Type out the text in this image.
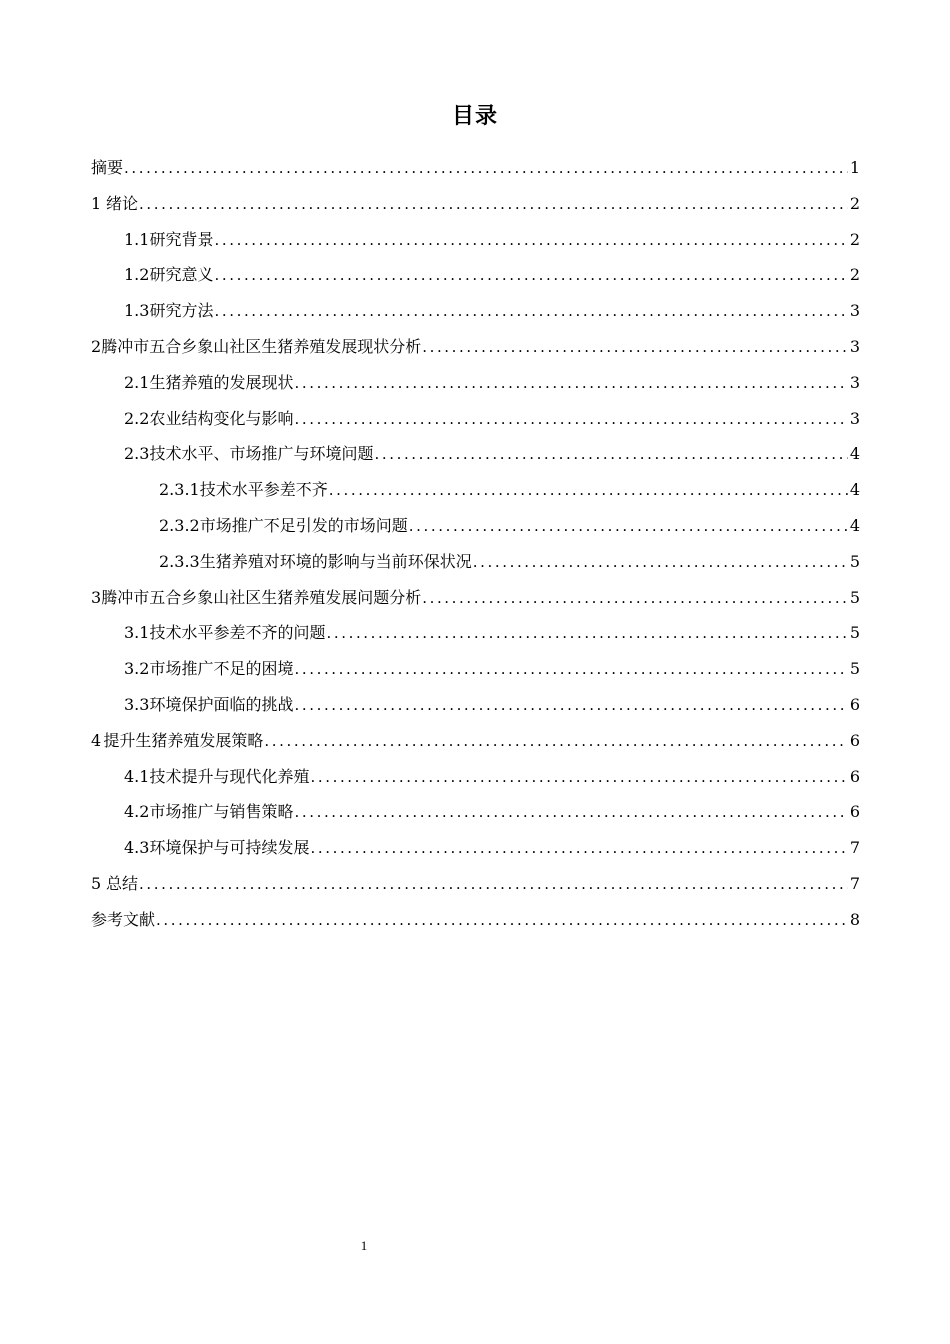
目录
摘要 .....	1
1 绪论 .....	2
1.1 研究背景 .....	2
1.2 研究意义 .....	2
1.3 研究方法 .....	3
2 腾冲市五合乡象山社区生猪养殖发展现状分析 .....	3
2.1 生猪养殖的发展现状 .....	3
2.2 农业结构变化与影响 .....	3
2.3 技术水平、市场推广与环境问题 .....	4
2.3.1 技术水平参差不齐 .....	4
2.3.2 市场推广不足引发的市场问题 .....	4
2.3.3 生猪养殖对环境的影响与当前环保状况 .....	5
3 腾冲市五合乡象山社区生猪养殖发展问题分析 .....	5
3.1 技术水平参差不齐的问题 .....	5
3.2 市场推广不足的困境 .....	5
3.3 环境保护面临的挑战 .....	6
4 提升生猪养殖发展策略 .....	6
4.1 技术提升与现代化养殖 .....	6
4.2 市场推广与销售策略 .....	6
4.3 环境保护与可持续发展 .....	7
5 总结 .....	7
参考文献 .....	8
1
